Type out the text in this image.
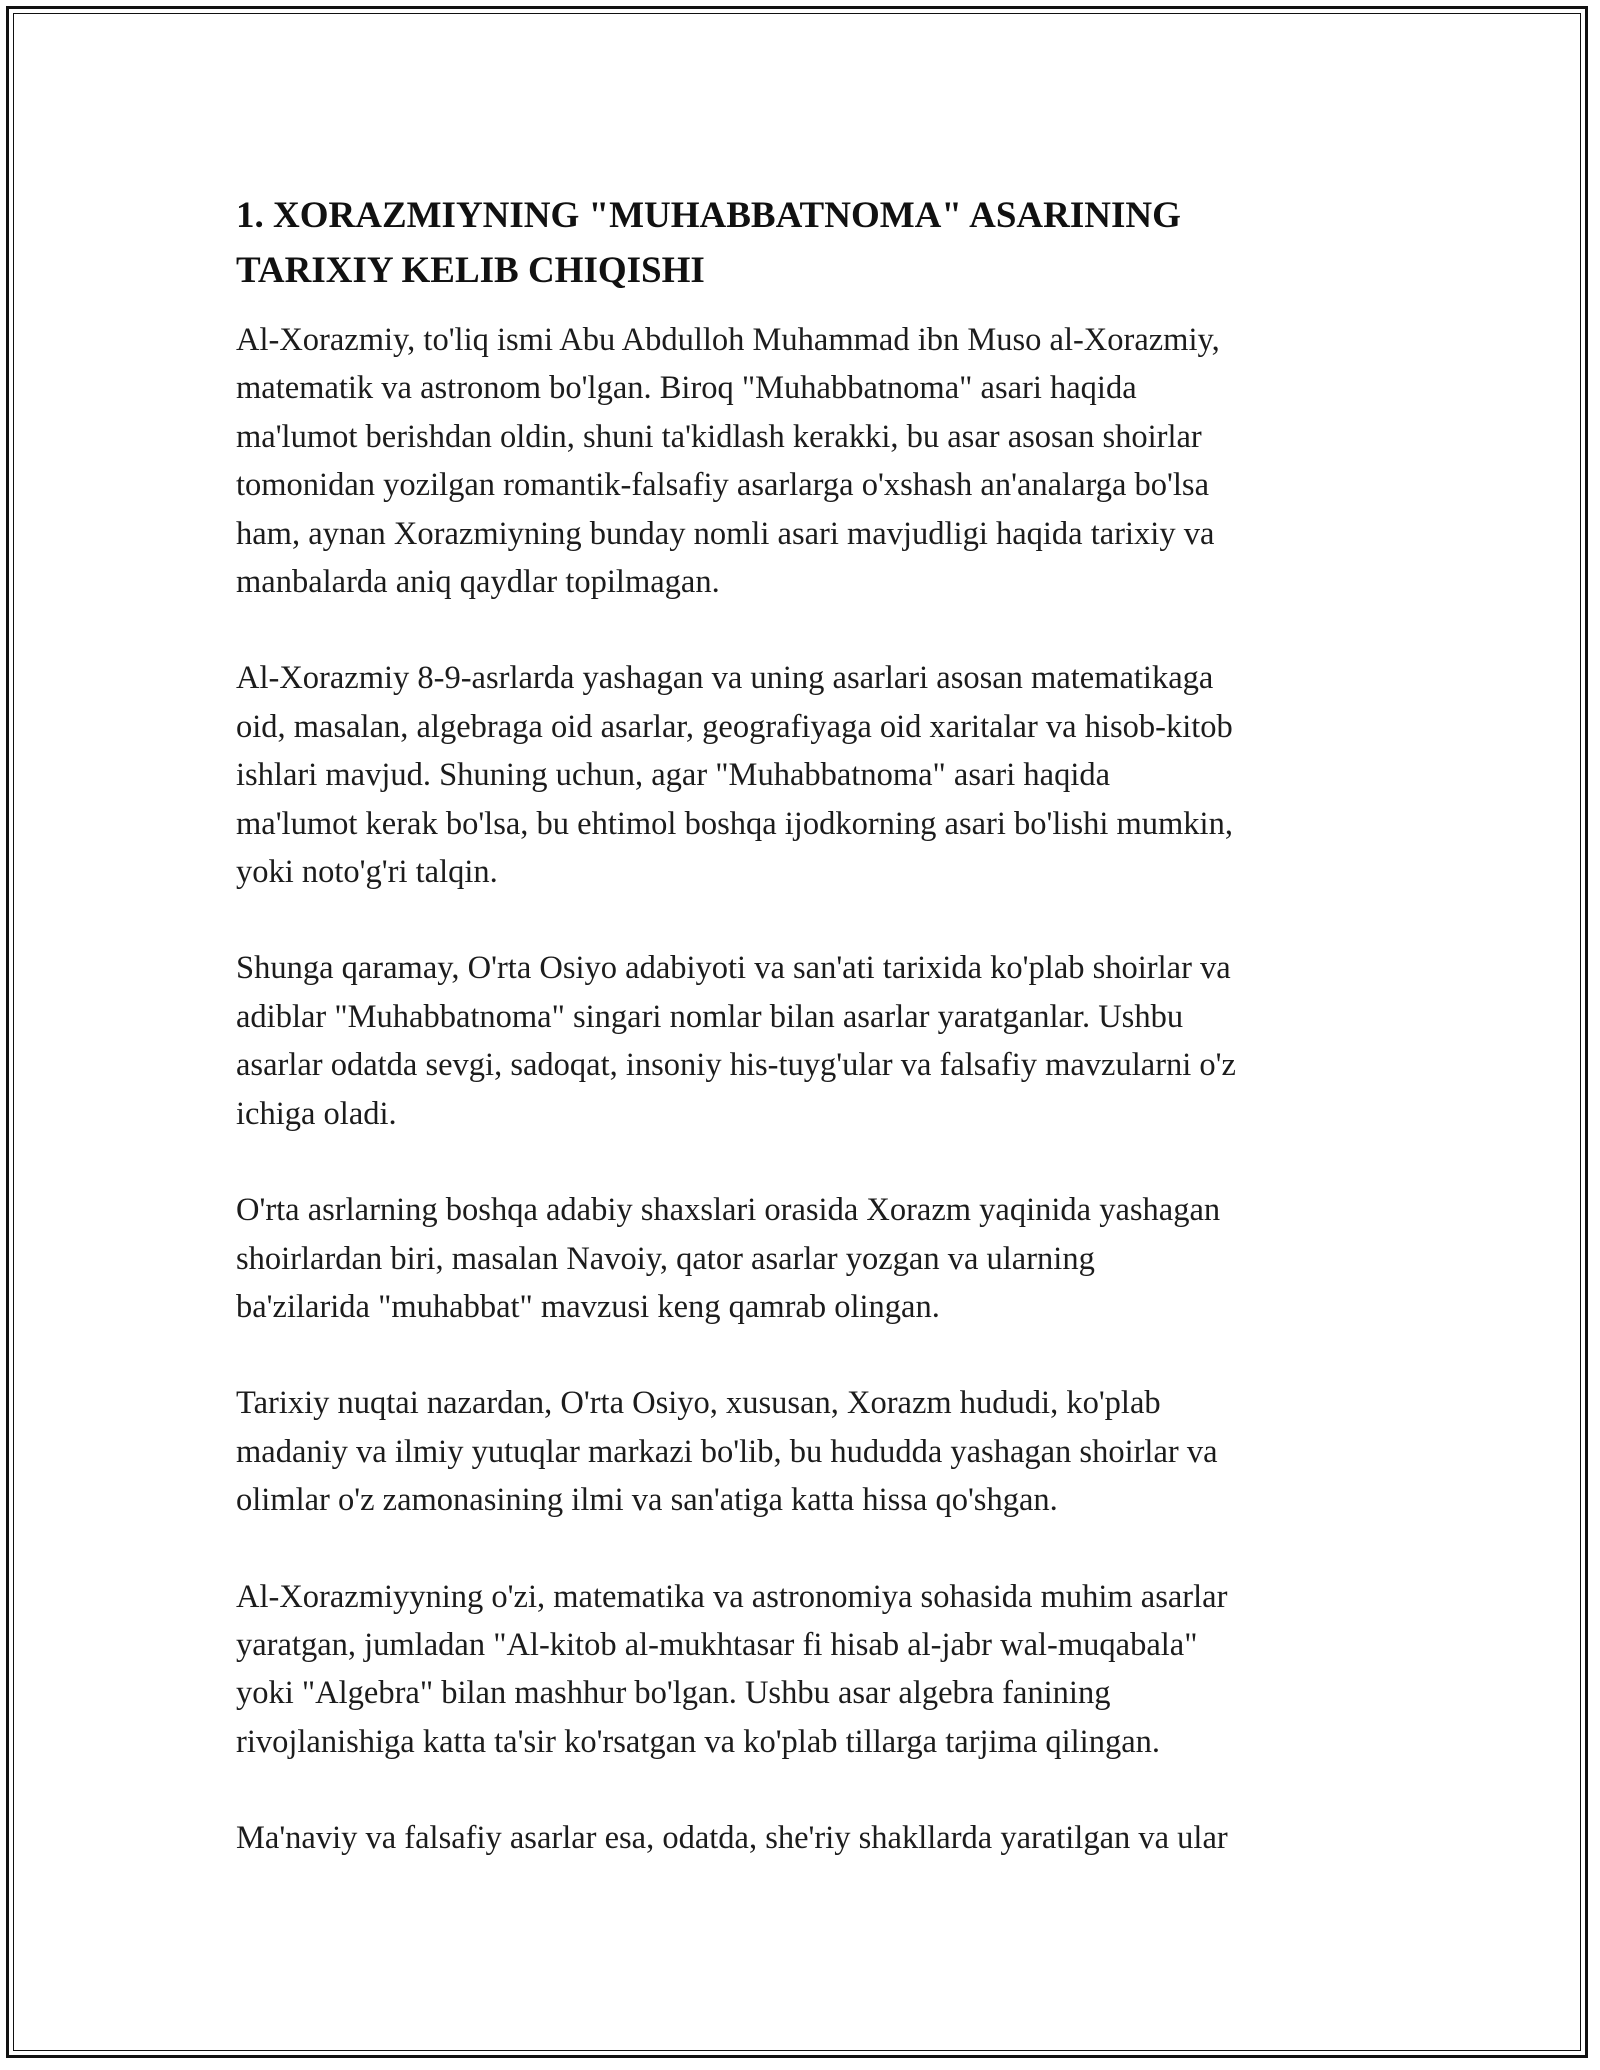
1. XORAZMIYNING "MUHABBATNOMA" ASARINING
TARIXIY KELIB CHIQISHI

Al-Xorazmiy, to'liq ismi Abu Abdulloh Muhammad ibn Muso al-Xorazmiy,
matematik va astronom bo'lgan. Biroq "Muhabbatnoma" asari haqida
ma'lumot berishdan oldin, shuni ta'kidlash kerakki, bu asar asosan shoirlar
tomonidan yozilgan romantik-falsafiy asarlarga o'xshash an'analarga bo'lsa
ham, aynan Xorazmiyning bunday nomli asari mavjudligi haqida tarixiy va
manbalarda aniq qaydlar topilmagan.

Al-Xorazmiy 8-9-asrlarda yashagan va uning asarlari asosan matematikaga
oid, masalan, algebraga oid asarlar, geografiyaga oid xaritalar va hisob-kitob
ishlari mavjud. Shuning uchun, agar "Muhabbatnoma" asari haqida
ma'lumot kerak bo'lsa, bu ehtimol boshqa ijodkorning asari bo'lishi mumkin,
yoki noto'g'ri talqin.

Shunga qaramay, O'rta Osiyo adabiyoti va san'ati tarixida ko'plab shoirlar va
adiblar "Muhabbatnoma" singari nomlar bilan asarlar yaratganlar. Ushbu
asarlar odatda sevgi, sadoqat, insoniy his-tuyg'ular va falsafiy mavzularni o'z
ichiga oladi.

O'rta asrlarning boshqa adabiy shaxslari orasida Xorazm yaqinida yashagan
shoirlardan biri, masalan Navoiy, qator asarlar yozgan va ularning
ba'zilarida "muhabbat" mavzusi keng qamrab olingan.

Tarixiy nuqtai nazardan, O'rta Osiyo, xususan, Xorazm hududi, ko'plab
madaniy va ilmiy yutuqlar markazi bo'lib, bu hududda yashagan shoirlar va
olimlar o'z zamonasining ilmi va san'atiga katta hissa qo'shgan.

Al-Xorazmiyyning o'zi, matematika va astronomiya sohasida muhim asarlar
yaratgan, jumladan "Al-kitob al-mukhtasar fi hisab al-jabr wal-muqabala"
yoki "Algebra" bilan mashhur bo'lgan. Ushbu asar algebra fanining
rivojlanishiga katta ta'sir ko'rsatgan va ko'plab tillarga tarjima qilingan.

Ma'naviy va falsafiy asarlar esa, odatda, she'riy shakllarda yaratilgan va ular
